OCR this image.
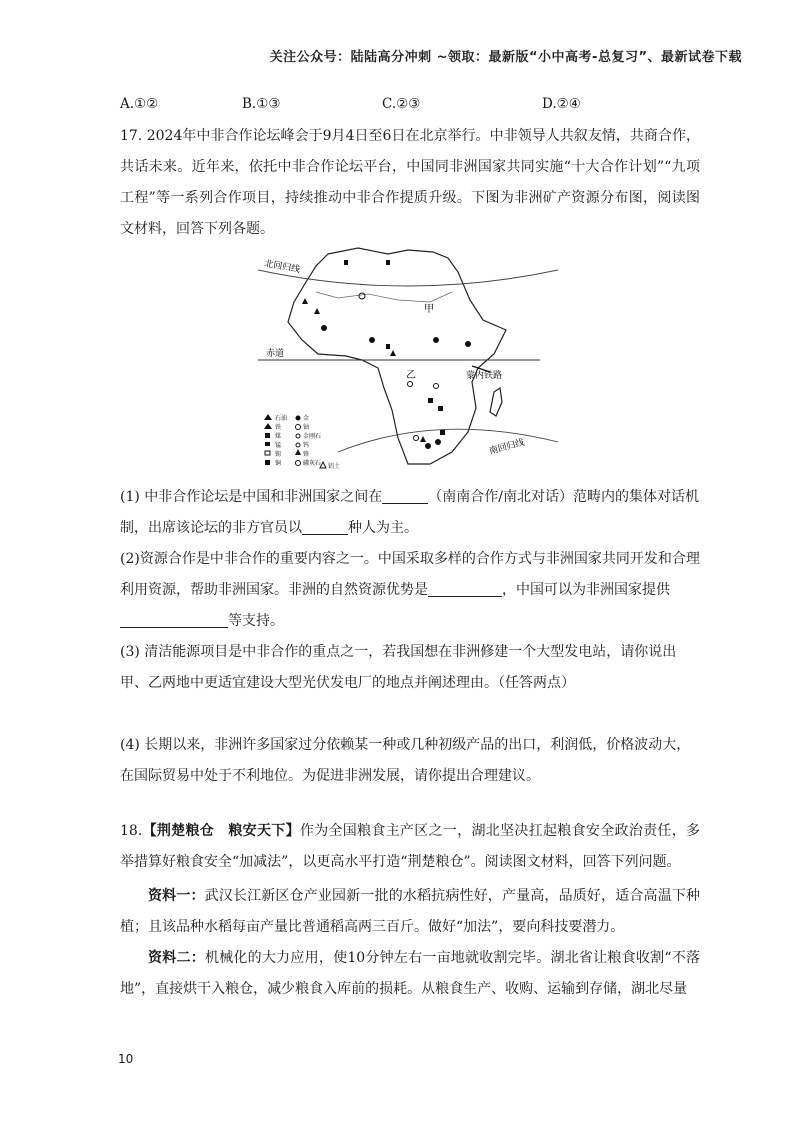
关注公众号：陆陆高分冲刺 ~领取：最新版“小中高考-总复习”、最新试卷下载
A.①②	B.①③	C.②③	D.②④

17. 2024年中非合作论坛峰会于9月4日至6日在北京举行。中非领导人共叙友情，共商合作，共话未来。近年来，依托中非合作论坛平台，中国同非洲国家共同实施“十大合作计划”“九项工程”等一系列合作项目，持续推动中非合作提质升级。下图为非洲矿产资源分布图，阅读图文材料，回答下列各题。

北回归线
赤道
南回归线
甲
乙	蒙内铁路
石油	金
铁	铀
煤	金刚石
锰	钨
锡	铬
铜	磷灰石 铝土

(1) 中非合作论坛是中国和非洲国家之间在	（南南合作/南北对话）范畴内的集体对话机制，出席该论坛的非方官员以	种人为主。

(2)资源合作是中非合作的重要内容之一。中国采取多样的合作方式与非洲国家共同开发和合理利用资源，帮助非洲国家。非洲的自然资源优势是	，中国可以为非洲国家提供等支持。

(3) 清洁能源项目是中非合作的重点之一，若我国想在非洲修建一个大型发电站，请你说出甲、乙两地中更适宜建设大型光伏发电厂的地点并阐述理由。（任答两点）

(4) 长期以来，非洲许多国家过分依赖某一种或几种初级产品的出口，利润低，价格波动大，在国际贸易中处于不利地位。为促进非洲发展，请你提出合理建议。

18.【荆楚粮仓　粮安天下】作为全国粮食主产区之一，湖北坚决扛起粮食安全政治责任，多举措算好粮食安全“加减法”，以更高水平打造“荆楚粮仓”。阅读图文材料，回答下列问题。

资料一：武汉长江新区仓产业园新一批的水稻抗病性好，产量高，品质好，适合高温下种植；且该品种水稻每亩产量比普通稻高两三百斤。做好“加法”，要向科技要潜力。

资料二：机械化的大力应用，使10分钟左右一亩地就收割完毕。湖北省让粮食收割“不落地”，直接烘干入粮仓，减少粮食入库前的损耗。从粮食生产、收购、运输到存储，湖北尽量

10
